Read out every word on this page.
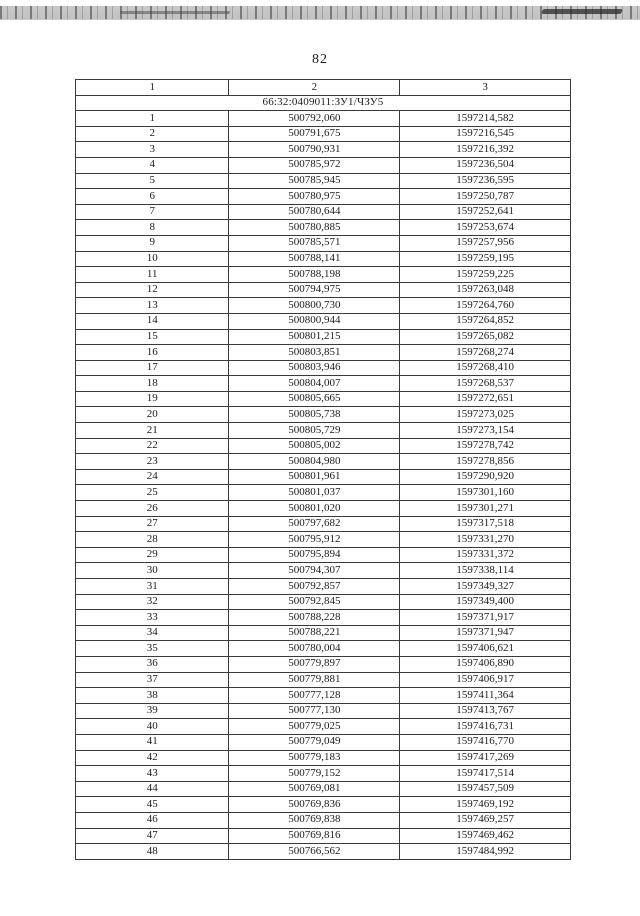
82
1	2	3
66:32:0409011:ЗУ1/ЧЗУ5		
1	500792,060	1597214,582
2	500791,675	1597216,545
3	500790,931	1597216,392
4	500785,972	1597236,504
5	500785,945	1597236,595
6	500780,975	1597250,787
7	500780,644	1597252,641
8	500780,885	1597253,674
9	500785,571	1597257,956
10	500788,141	1597259,195
11	500788,198	1597259,225
12	500794,975	1597263,048
13	500800,730	1597264,760
14	500800,944	1597264,852
15	500801,215	1597265,082
16	500803,851	1597268,274
17	500803,946	1597268,410
18	500804,007	1597268,537
19	500805,665	1597272,651
20	500805,738	1597273,025
21	500805,729	1597273,154
22	500805,002	1597278,742
23	500804,980	1597278,856
24	500801,961	1597290,920
25	500801,037	1597301,160
26	500801,020	1597301,271
27	500797,682	1597317,518
28	500795,912	1597331,270
29	500795,894	1597331,372
30	500794,307	1597338,114
31	500792,857	1597349,327
32	500792,845	1597349,400
33	500788,228	1597371,917
34	500788,221	1597371,947
35	500780,004	1597406,621
36	500779,897	1597406,890
37	500779,881	1597406,917
38	500777,128	1597411,364
39	500777,130	1597413,767
40	500779,025	1597416,731
41	500779,049	1597416,770
42	500779,183	1597417,269
43	500779,152	1597417,514
44	500769,081	1597457,509
45	500769,836	1597469,192
46	500769,838	1597469,257
47	500769,816	1597469,462
48	500766,562	1597484,992
